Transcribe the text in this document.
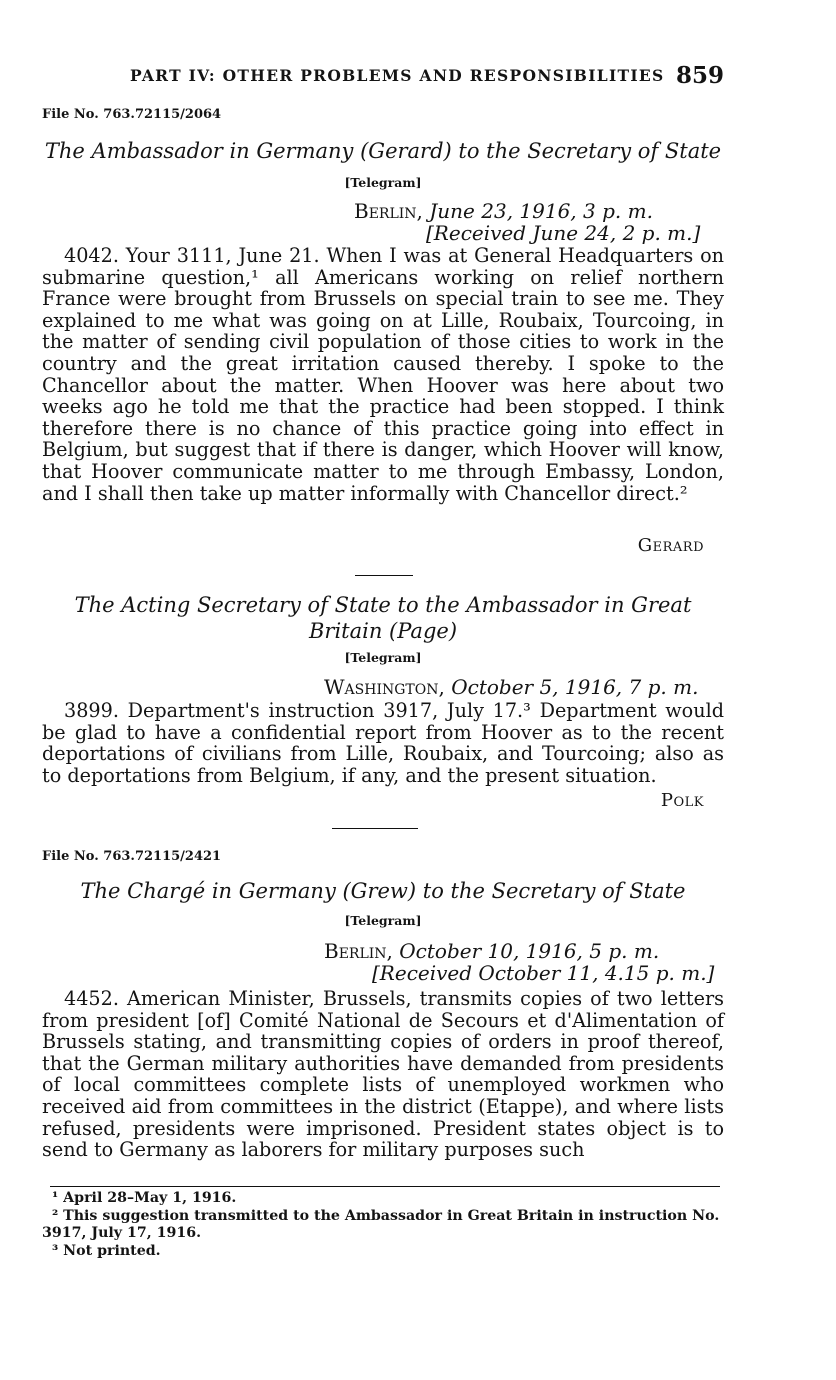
PART IV: OTHER PROBLEMS AND RESPONSIBILITIES 859
File No. 763.72115/2064
The Ambassador in Germany (Gerard) to the Secretary of State
[Telegram]
Berlin, June 23, 1916, 3 p. m.
[Received June 24, 2 p. m.]

4042. Your 3111, June 21. When I was at General Headquarters on submarine question,¹ all Americans working on relief northern France were brought from Brussels on special train to see me. They explained to me what was going on at Lille, Roubaix, Tourcoing, in the matter of sending civil population of those cities to work in the country and the great irritation caused thereby. I spoke to the Chancellor about the matter. When Hoover was here about two weeks ago he told me that the practice had been stopped. I think therefore there is no chance of this practice going into effect in Belgium, but suggest that if there is danger, which Hoover will know, that Hoover communicate matter to me through Embassy, London, and I shall then take up matter informally with Chancellor direct.²

Gerard
The Acting Secretary of State to the Ambassador in Great Britain (Page)
[Telegram]
Washington, October 5, 1916, 7 p. m.

3899. Department's instruction 3917, July 17.³ Department would be glad to have a confidential report from Hoover as to the recent deportations of civilians from Lille, Roubaix, and Tourcoing; also as to deportations from Belgium, if any, and the present situation.

Polk
File No. 763.72115/2421
The Chargé in Germany (Grew) to the Secretary of State
[Telegram]
Berlin, October 10, 1916, 5 p. m.
[Received October 11, 4.15 p. m.]

4452. American Minister, Brussels, transmits copies of two letters from president [of] Comité National de Secours et d'Alimentation of Brussels stating, and transmitting copies of orders in proof thereof, that the German military authorities have demanded from presidents of local committees complete lists of unemployed workmen who received aid from committees in the district (Etappe), and where lists refused, presidents were imprisoned. President states object is to send to Germany as laborers for military purposes such

¹ April 28–May 1, 1916.

² This suggestion transmitted to the Ambassador in Great Britain in instruction No. 3917, July 17, 1916.

³ Not printed.
